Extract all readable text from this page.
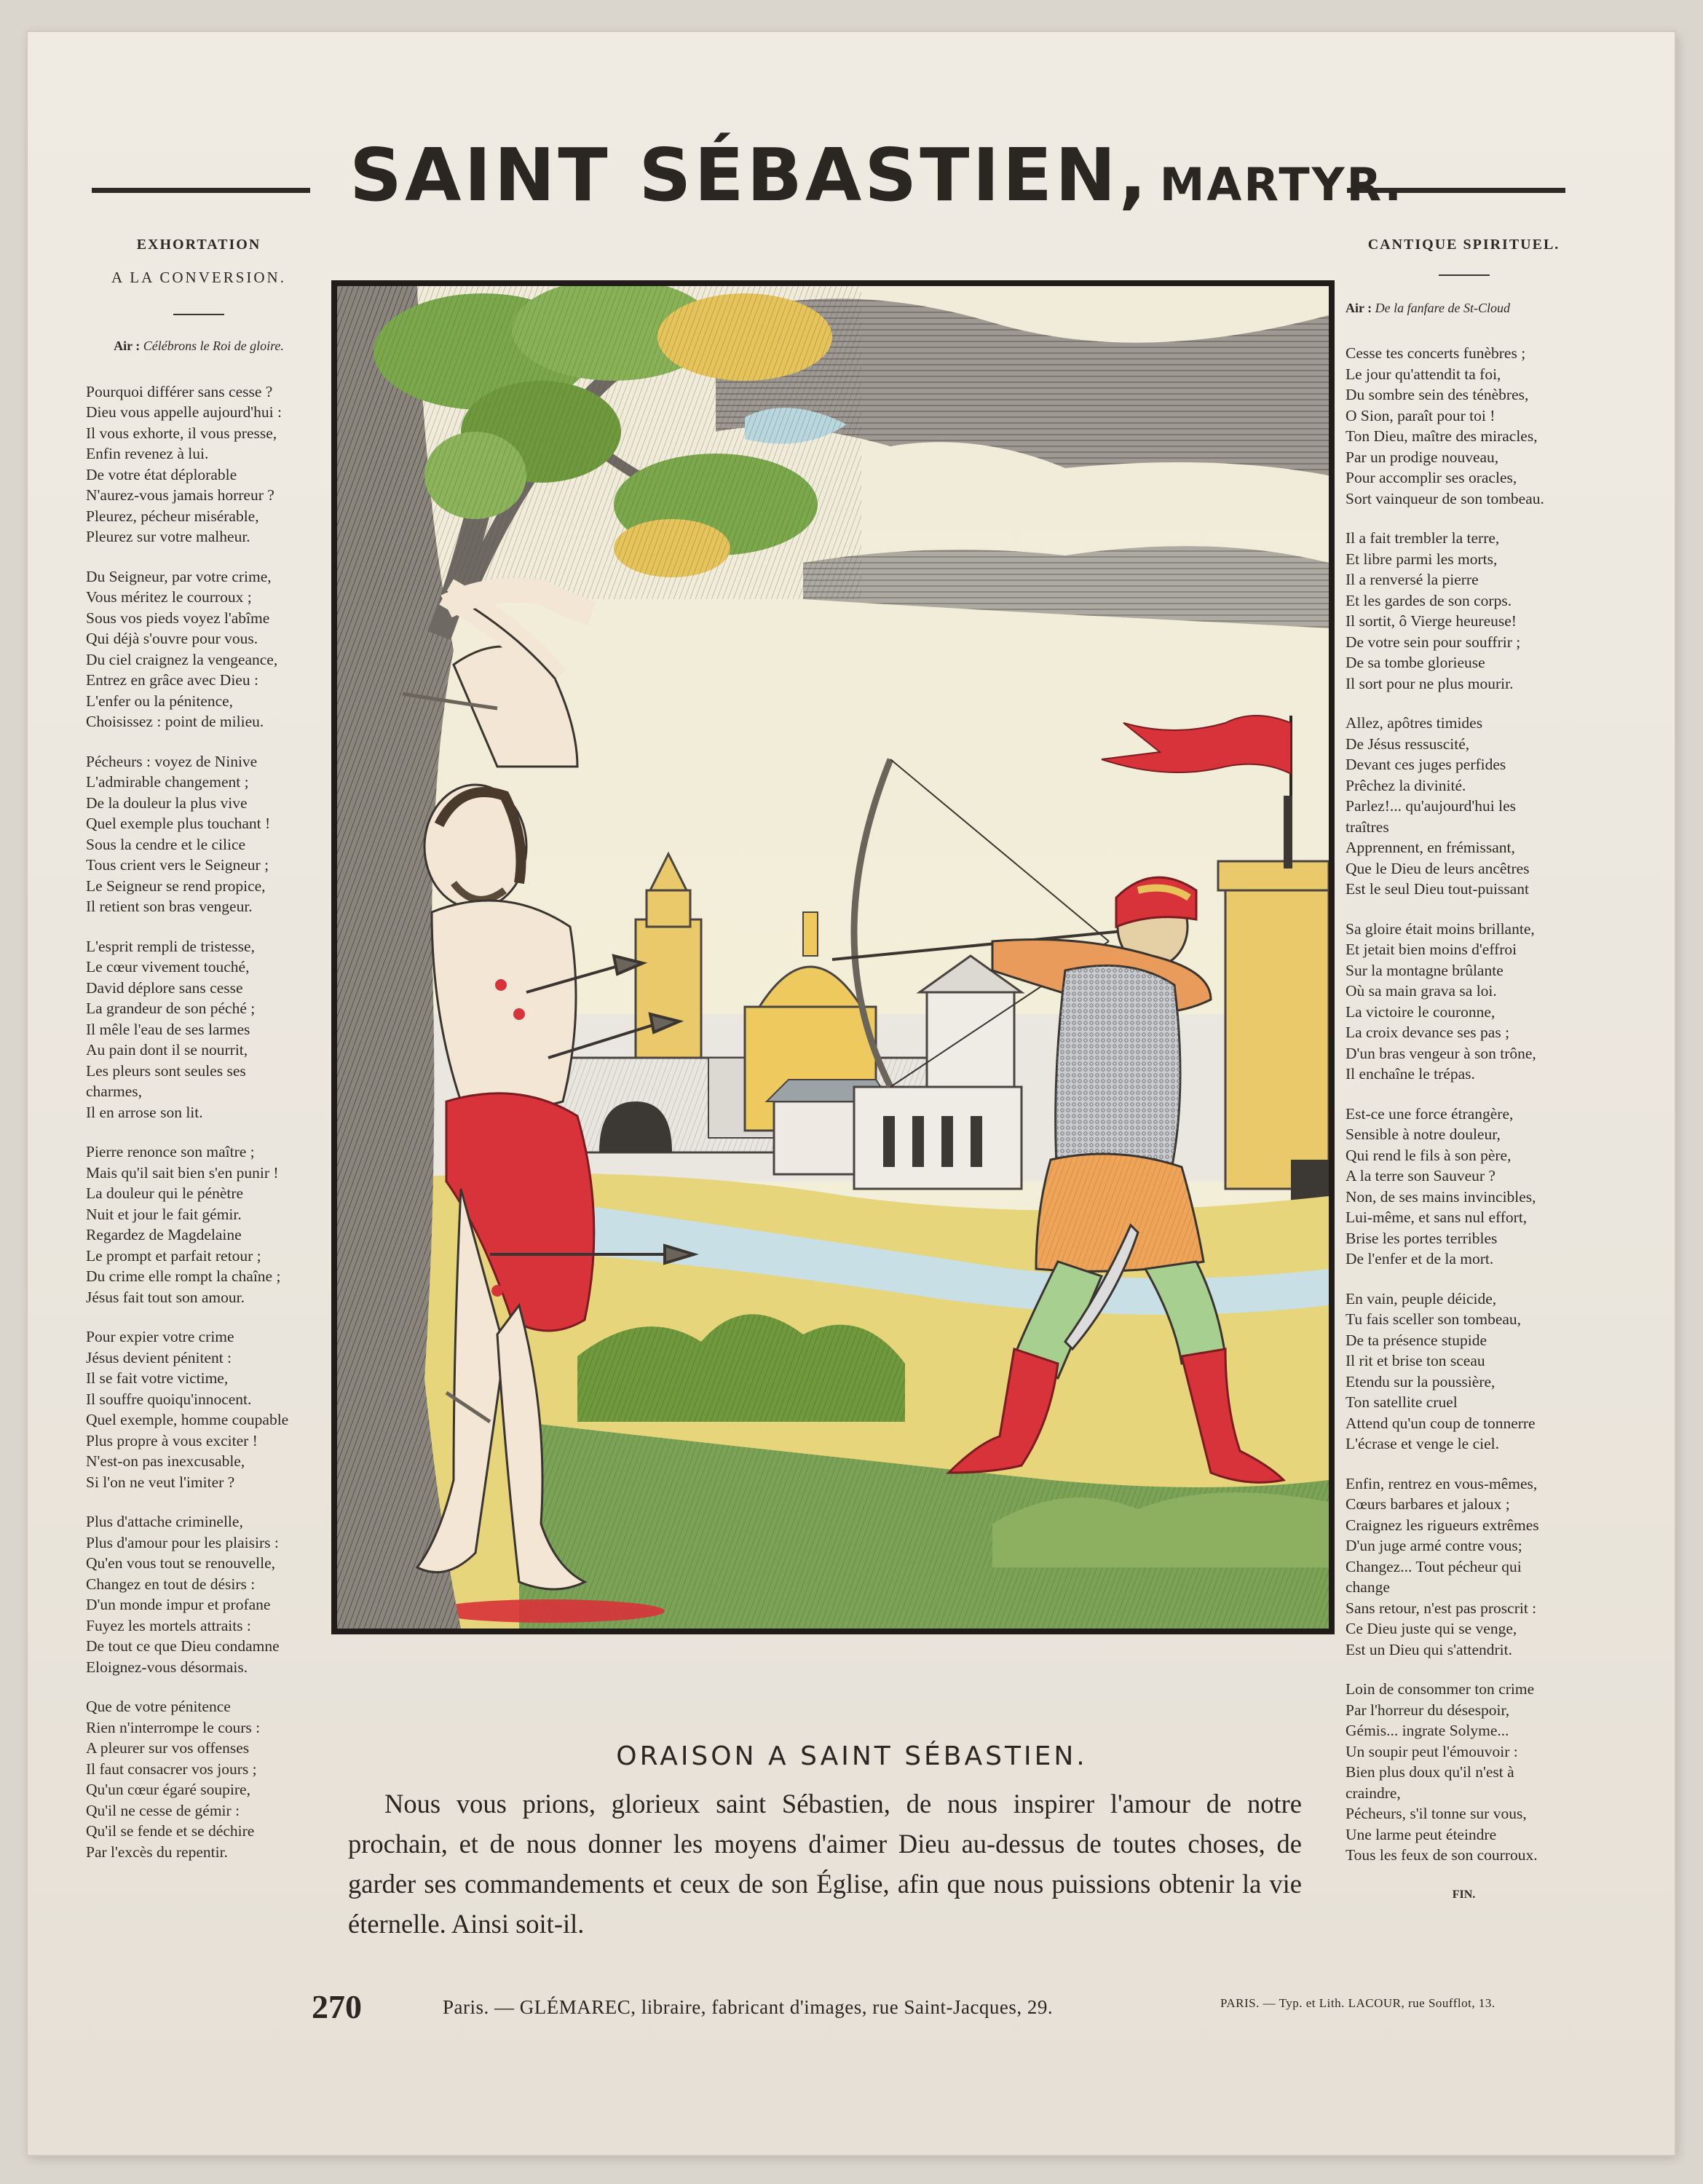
SAINT SÉBASTIEN, MARTYR.
EXHORTATION
A LA CONVERSION.
Air : Célébrons le Roi de gloire.
Pourquoi différer sans cesse ?
Dieu vous appelle aujourd'hui :
Il vous exhorte, il vous presse,
Enfin revenez à lui.
De votre état déplorable
N'aurez-vous jamais horreur ?
Pleurez, pécheur misérable,
Pleurez sur votre malheur.
Du Seigneur, par votre crime,
Vous méritez le courroux ;
Sous vos pieds voyez l'abîme
Qui déjà s'ouvre pour vous.
Du ciel craignez la vengeance,
Entrez en grâce avec Dieu :
L'enfer ou la pénitence,
Choisissez : point de milieu.
Pécheurs : voyez de Ninive
L'admirable changement ;
De la douleur la plus vive
Quel exemple plus touchant !
Sous la cendre et le cilice
Tous crient vers le Seigneur ;
Le Seigneur se rend propice,
Il retient son bras vengeur.
L'esprit rempli de tristesse,
Le cœur vivement touché,
David déplore sans cesse
La grandeur de son péché ;
Il mêle l'eau de ses larmes
Au pain dont il se nourrit,
Les pleurs sont seules ses
charmes,
Il en arrose son lit.
Pierre renonce son maître ;
Mais qu'il sait bien s'en punir !
La douleur qui le pénètre
Nuit et jour le fait gémir.
Regardez de Magdelaine
Le prompt et parfait retour ;
Du crime elle rompt la chaîne ;
Jésus fait tout son amour.
Pour expier votre crime
Jésus devient pénitent :
Il se fait votre victime,
Il souffre quoiqu'innocent.
Quel exemple, homme coupable
Plus propre à vous exciter !
N'est-on pas inexcusable,
Si l'on ne veut l'imiter ?
Plus d'attache criminelle,
Plus d'amour pour les plaisirs :
Qu'en vous tout se renouvelle,
Changez en tout de désirs :
D'un monde impur et profane
Fuyez les mortels attraits :
De tout ce que Dieu condamne
Eloignez-vous désormais.
Que de votre pénitence
Rien n'interrompe le cours :
A pleurer sur vos offenses
Il faut consacrer vos jours ;
Qu'un cœur égaré soupire,
Qu'il ne cesse de gémir :
Qu'il se fende et se déchire
Par l'excès du repentir.
CANTIQUE SPIRITUEL.
Air : De la fanfare de St-Cloud
Cesse tes concerts funèbres ;
Le jour qu'attendit ta foi,
Du sombre sein des ténèbres,
O Sion, paraît pour toi !
Ton Dieu, maître des miracles,
Par un prodige nouveau,
Pour accomplir ses oracles,
Sort vainqueur de son tombeau.
Il a fait trembler la terre,
Et libre parmi les morts,
Il a renversé la pierre
Et les gardes de son corps.
Il sortit, ô Vierge heureuse!
De votre sein pour souffrir ;
De sa tombe glorieuse
Il sort pour ne plus mourir.
Allez, apôtres timides
De Jésus ressuscité,
Devant ces juges perfides
Prêchez la divinité.
Parlez!... qu'aujourd'hui les
traîtres
Apprennent, en frémissant,
Que le Dieu de leurs ancêtres
Est le seul Dieu tout-puissant
Sa gloire était moins brillante,
Et jetait bien moins d'effroi
Sur la montagne brûlante
Où sa main grava sa loi.
La victoire le couronne,
La croix devance ses pas ;
D'un bras vengeur à son trône,
Il enchaîne le trépas.
Est-ce une force étrangère,
Sensible à notre douleur,
Qui rend le fils à son père,
A la terre son Sauveur ?
Non, de ses mains invincibles,
Lui-même, et sans nul effort,
Brise les portes terribles
De l'enfer et de la mort.
En vain, peuple déicide,
Tu fais sceller son tombeau,
De ta présence stupide
Il rit et brise ton sceau
Etendu sur la poussière,
Ton satellite cruel
Attend qu'un coup de tonnerre
L'écrase et venge le ciel.
Enfin, rentrez en vous-mêmes,
Cœurs barbares et jaloux ;
Craignez les rigueurs extrêmes
D'un juge armé contre vous;
Changez... Tout pécheur qui
change
Sans retour, n'est pas proscrit :
Ce Dieu juste qui se venge,
Est un Dieu qui s'attendrit.
Loin de consommer ton crime
Par l'horreur du désespoir,
Gémis... ingrate Solyme...
Un soupir peut l'émouvoir :
Bien plus doux qu'il n'est à
craindre,
Pécheurs, s'il tonne sur vous,
Une larme peut éteindre
Tous les feux de son courroux.
FIN.
ORAISON A SAINT SÉBASTIEN.
Nous vous prions, glorieux saint Sébastien, de nous inspirer l'amour de notre prochain, et de nous donner les moyens d'aimer Dieu au-dessus de toutes choses, de garder ses commandements et ceux de son Église, afin que nous puissions obtenir la vie éternelle. Ainsi soit-il.
270	Paris. — GLÉMAREC, libraire, fabricant d'images, rue Saint-Jacques, 29.	PARIS. — Typ. et Lith. LACOUR, rue Soufflot, 13.
